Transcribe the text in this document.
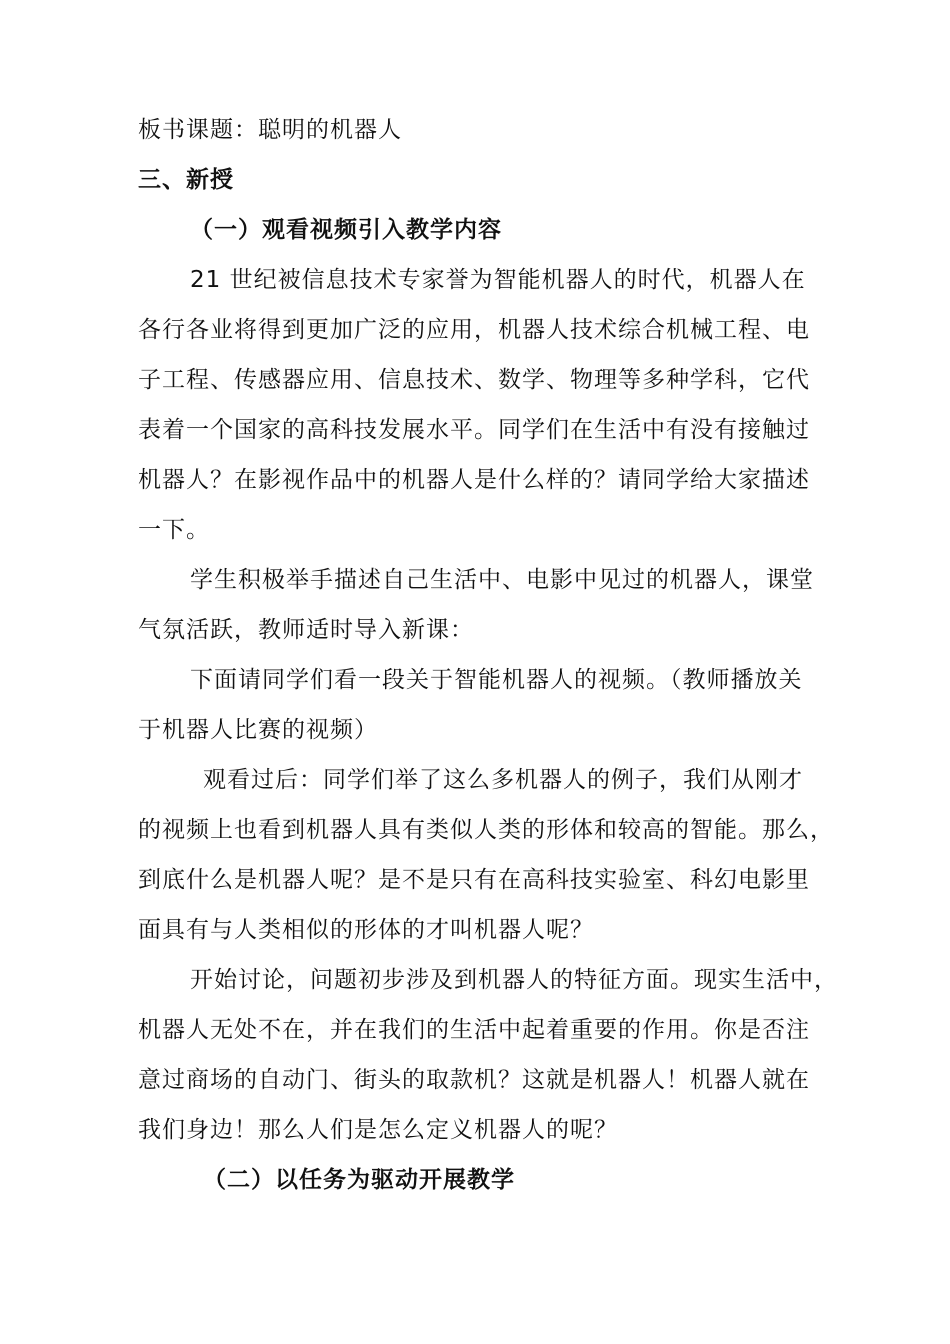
板书课题：聪明的机器人
三、新授
（一）观看视频引入教学内容
21 世纪被信息技术专家誉为智能机器人的时代，机器人在
各行各业将得到更加广泛的应用，机器人技术综合机械工程、电
子工程、传感器应用、信息技术、数学、物理等多种学科，它代
表着一个国家的高科技发展水平。同学们在生活中有没有接触过
机器人？在影视作品中的机器人是什么样的？请同学给大家描述
一下。
学生积极举手描述自己生活中、电影中见过的机器人，课堂
气氛活跃，教师适时导入新课：
下面请同学们看一段关于智能机器人的视频。（教师播放关
于机器人比赛的视频）
观看过后：同学们举了这么多机器人的例子，我们从刚才
的视频上也看到机器人具有类似人类的形体和较高的智能。那么，
到底什么是机器人呢？是不是只有在高科技实验室、科幻电影里
面具有与人类相似的形体的才叫机器人呢？
开始讨论，问题初步涉及到机器人的特征方面。现实生活中，
机器人无处不在，并在我们的生活中起着重要的作用。你是否注
意过商场的自动门、街头的取款机？这就是机器人！机器人就在
我们身边！那么人们是怎么定义机器人的呢？
（二）以任务为驱动开展教学
